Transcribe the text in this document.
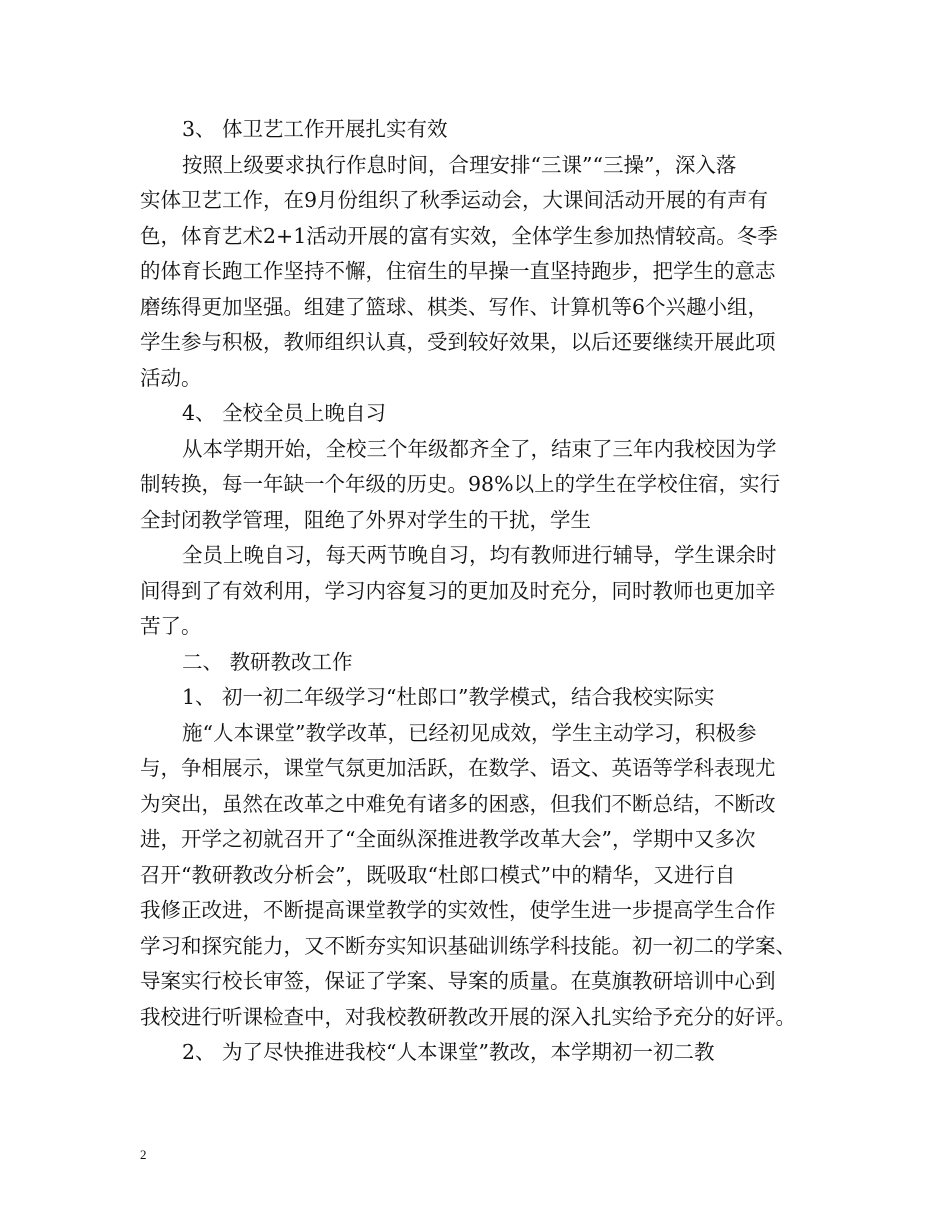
3、 体卫艺工作开展扎实有效
按照上级要求执行作息时间，合理安排“三课”“三操”，深入落
实体卫艺工作，在9月份组织了秋季运动会，大课间活动开展的有声有
色，体育艺术2+1活动开展的富有实效，全体学生参加热情较高。冬季
的体育长跑工作坚持不懈，住宿生的早操一直坚持跑步，把学生的意志
磨练得更加坚强。组建了篮球、棋类、写作、计算机等6个兴趣小组，
学生参与积极，教师组织认真，受到较好效果，以后还要继续开展此项
活动。
4、 全校全员上晚自习
从本学期开始，全校三个年级都齐全了，结束了三年内我校因为学
制转换，每一年缺一个年级的历史。98%以上的学生在学校住宿，实行
全封闭教学管理，阻绝了外界对学生的干扰，学生
全员上晚自习，每天两节晚自习，均有教师进行辅导，学生课余时
间得到了有效利用，学习内容复习的更加及时充分，同时教师也更加辛
苦了。
二、 教研教改工作
1、 初一初二年级学习“杜郎口”教学模式，结合我校实际实
施“人本课堂”教学改革，已经初见成效，学生主动学习，积极参
与，争相展示，课堂气氛更加活跃，在数学、语文、英语等学科表现尤
为突出，虽然在改革之中难免有诸多的困惑，但我们不断总结，不断改
进，开学之初就召开了“全面纵深推进教学改革大会”，学期中又多次
召开“教研教改分析会”，既吸取“杜郎口模式”中的精华，又进行自
我修正改进，不断提高课堂教学的实效性，使学生进一步提高学生合作
学习和探究能力，又不断夯实知识基础训练学科技能。初一初二的学案、
导案实行校长审签，保证了学案、导案的质量。在莫旗教研培训中心到
我校进行听课检查中，对我校教研教改开展的深入扎实给予充分的好评。
2、 为了尽快推进我校“人本课堂”教改，本学期初一初二教
2
